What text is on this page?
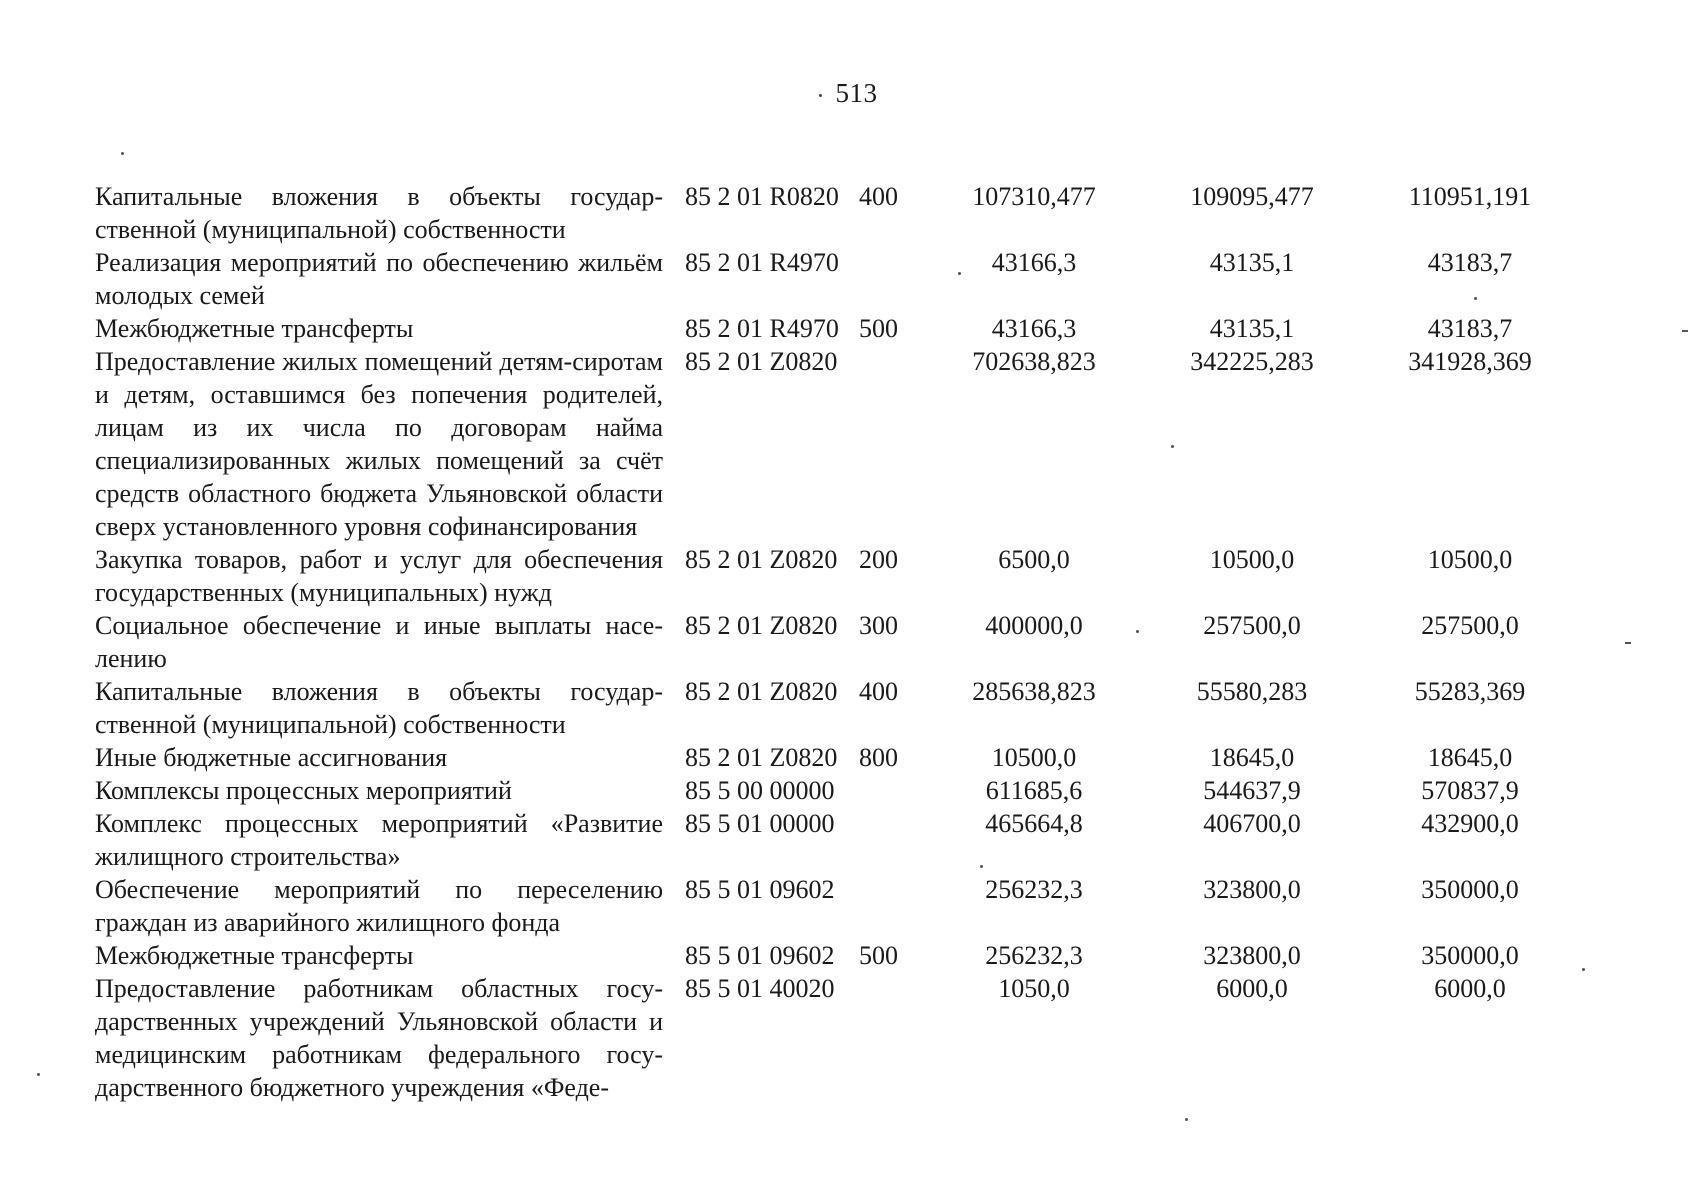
513
Капитальные вложения в объекты государственной (муниципальной) собственности	85 2 01 R0820	400	107310,477	109095,477	110951,191
Реализация мероприятий по обеспечению жильём молодых семей	85 2 01 R4970		43166,3	43135,1	43183,7
Межбюджетные трансферты	85 2 01 R4970	500	43166,3	43135,1	43183,7
Предоставление жилых помещений детям-сиротам и детям, оставшимся без попечения родителей, лицам из их числа по договорам найма специализированных жилых помещений за счёт средств областного бюджета Ульяновской области сверх установленного уровня софинансирования	85 2 01 Z0820		702638,823	342225,283	341928,369
Закупка товаров, работ и услуг для обеспечения государственных (муниципальных) нужд	85 2 01 Z0820	200	6500,0	10500,0	10500,0
Социальное обеспечение и иные выплаты населению	85 2 01 Z0820	300	400000,0	257500,0	257500,0
Капитальные вложения в объекты государственной (муниципальной) собственности	85 2 01 Z0820	400	285638,823	55580,283	55283,369
Иные бюджетные ассигнования	85 2 01 Z0820	800	10500,0	18645,0	18645,0
Комплексы процессных мероприятий	85 5 00 00000		611685,6	544637,9	570837,9
Комплекс процессных мероприятий «Развитие жилищного строительства»	85 5 01 00000		465664,8	406700,0	432900,0
Обеспечение мероприятий по переселению граждан из аварийного жилищного фонда	85 5 01 09602		256232,3	323800,0	350000,0
Межбюджетные трансферты	85 5 01 09602	500	256232,3	323800,0	350000,0
Предоставление работникам областных государственных учреждений Ульяновской области и медицинским работникам федерального государственного бюджетного учреждения «Феде-	85 5 01 40020		1050,0	6000,0	6000,0
